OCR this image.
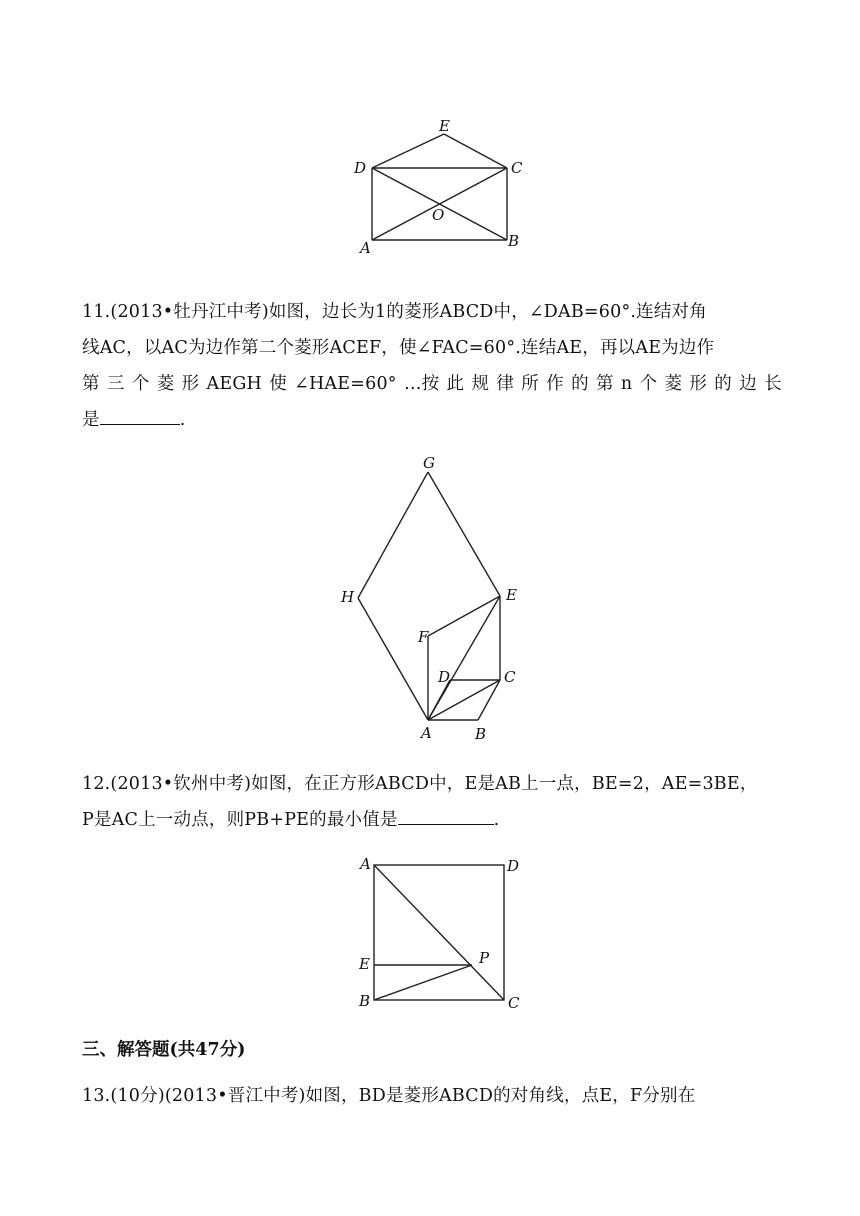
E
D	C
O
A	B
11.(2013•牡丹江中考)如图，边长为1的菱形ABCD中，∠DAB=60°.连结对角
线AC，以AC为边作第二个菱形ACEF，使∠FAC=60°.连结AE，再以AE为边作
第 三 个 菱 形 AEGH 使 ∠HAE=60° …按 此 规 律 所 作 的 第 n 个 菱 形 的 边 长
是	.
G
H	E
F
D	C
A	B
12.(2013•钦州中考)如图，在正方形ABCD中，E是AB上一点，BE=2，AE=3BE，
P是AC上一动点，则PB+PE的最小值是	.
A	D
E	P
B	C
三、解答题(共47分)
13.(10分)(2013•晋江中考)如图，BD是菱形ABCD的对角线，点E，F分别在
